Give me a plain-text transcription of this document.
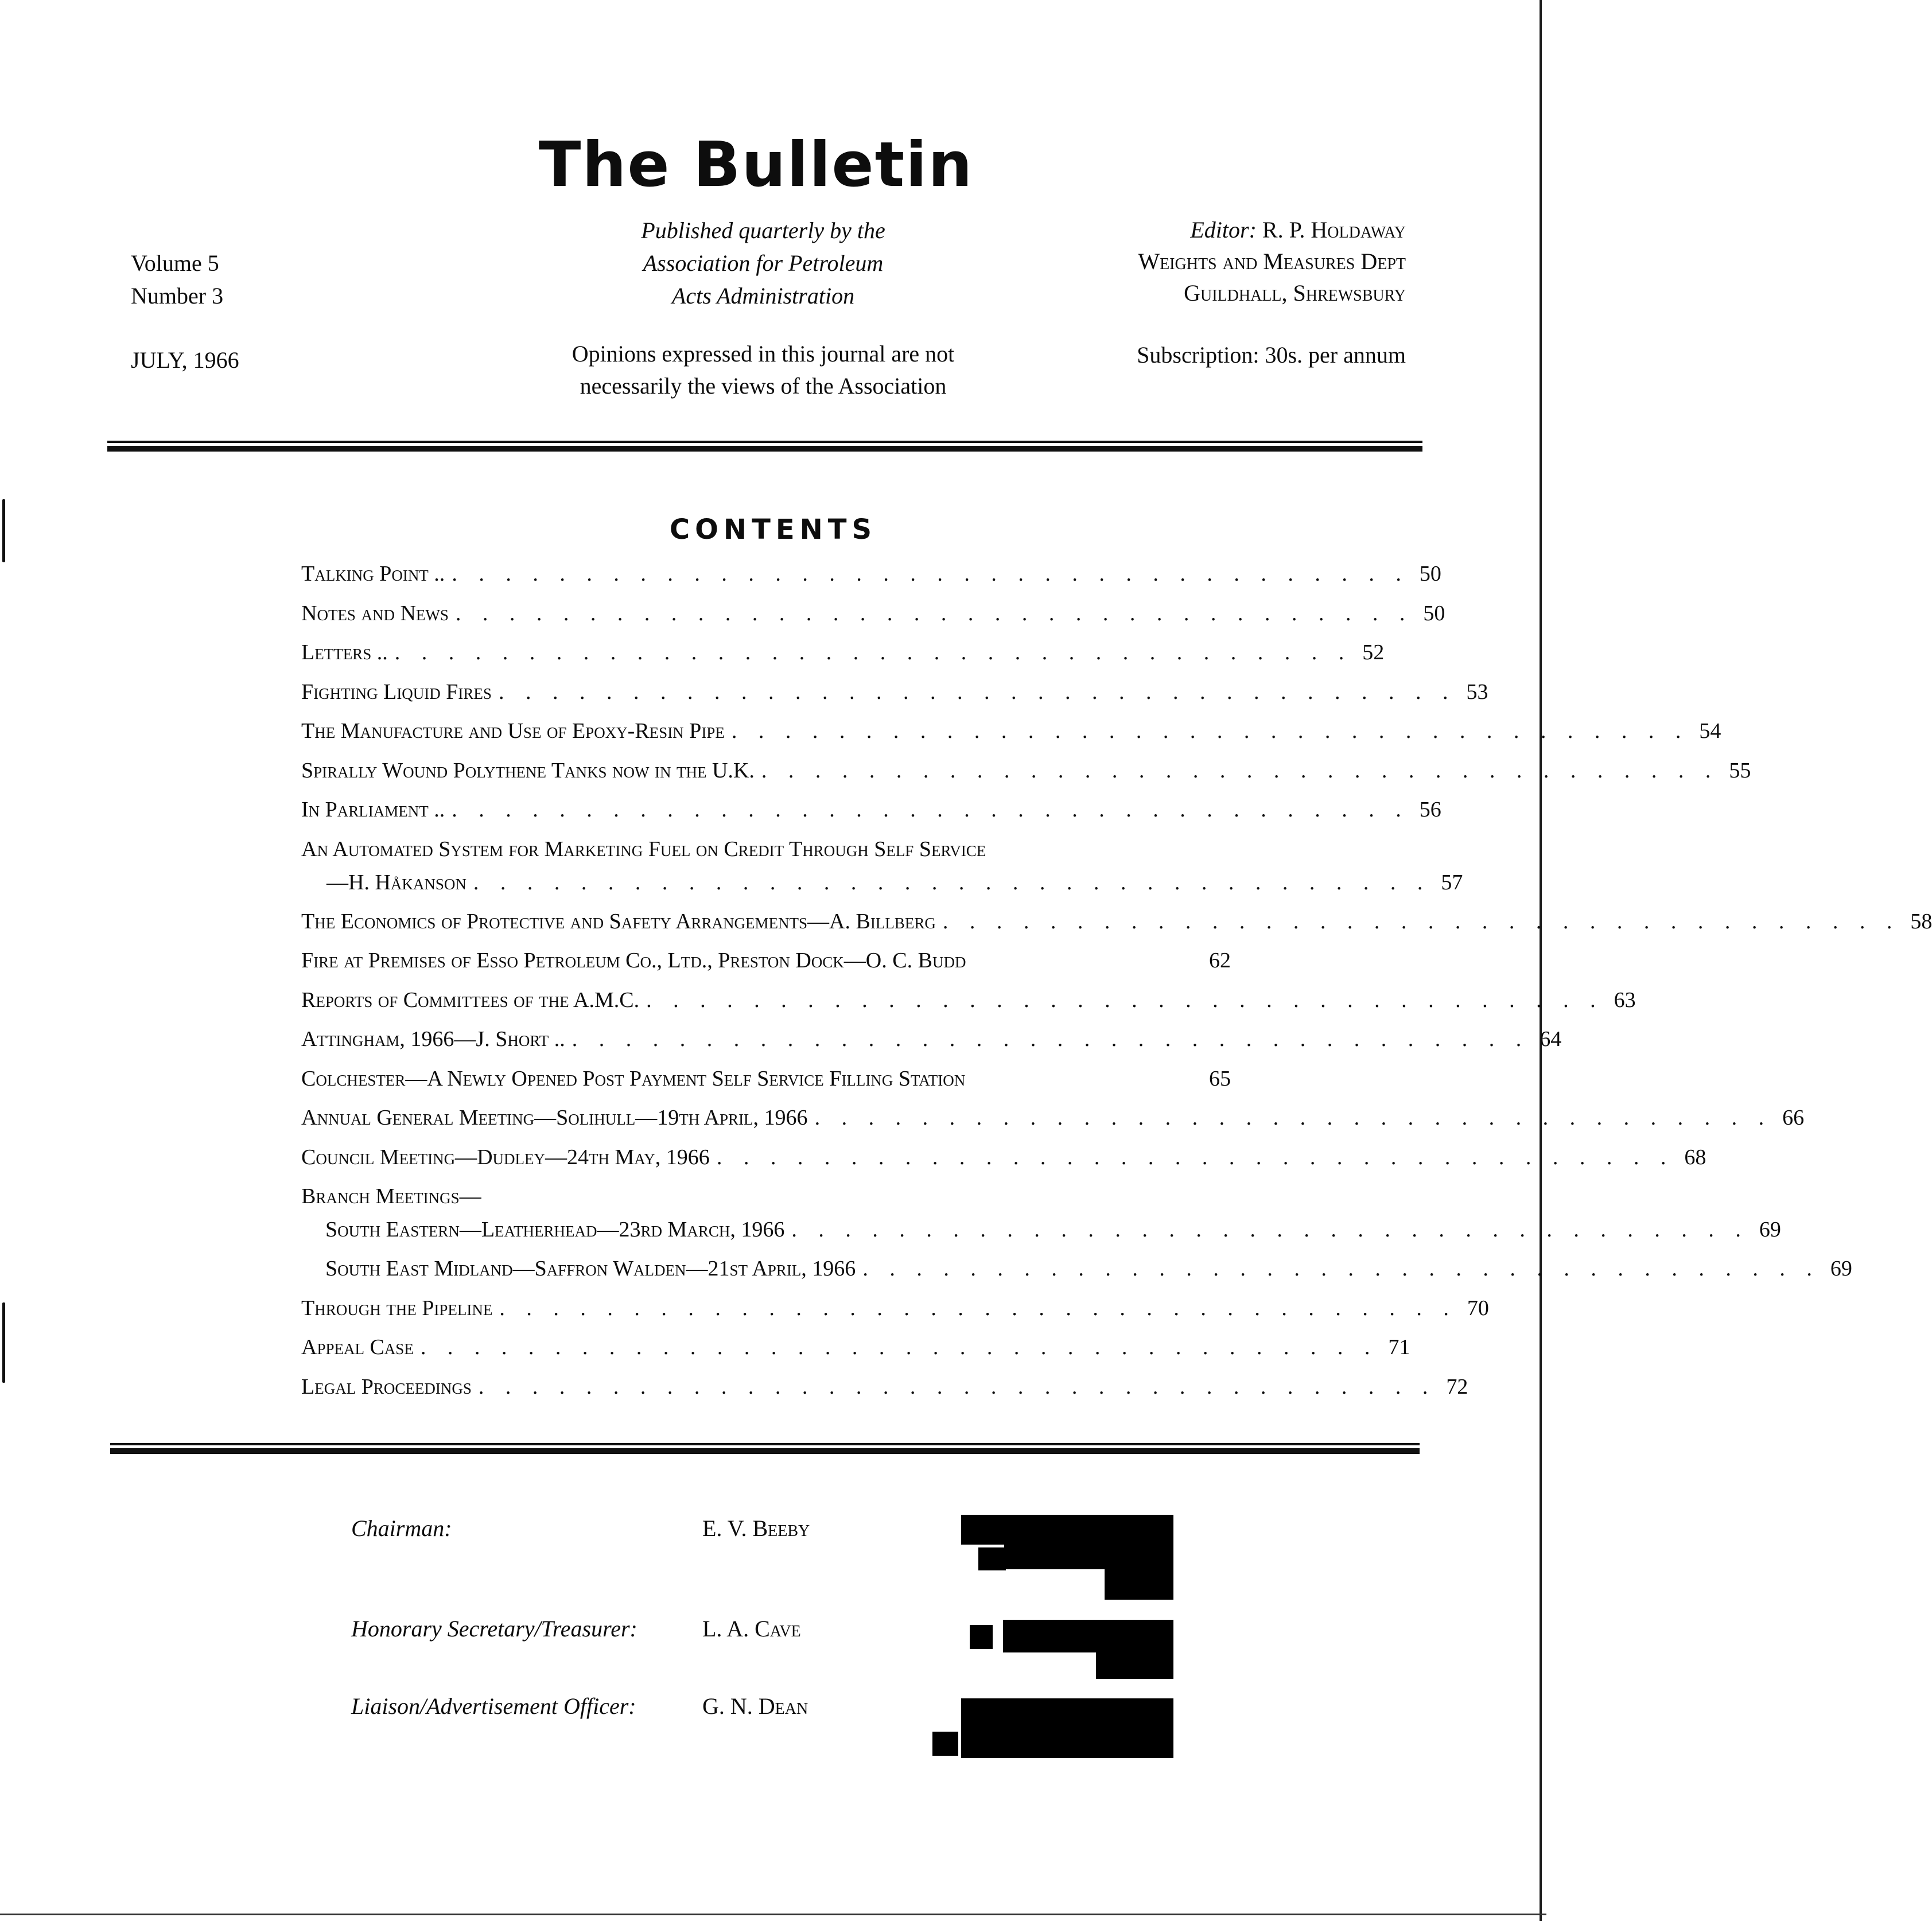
The Bulletin
Volume 5
Number 3
JULY, 1966
Published quarterly by the
Association for Petroleum
Acts Administration
Opinions expressed in this journal are not
necessarily the views of the Association
Editor: R. P. Holdaway
Weights and Measures Dept
Guildhall, Shrewsbury
Subscription: 30s. per annum
CONTENTS
Talking Point .. . . . . . . . . . . . . . . . . . . . . . . . . . . . . . . . . . . . . 50
Notes and News . . . . . . . . . . . . . . . . . . . . . . . . . . . . . . . . . . . . 50
Letters .. . . . . . . . . . . . . . . . . . . . . . . . . . . . . . . . . . . . . 52
Fighting Liquid Fires . . . . . . . . . . . . . . . . . . . . . . . . . . . . . . . . . . . . 53
The Manufacture and Use of Epoxy-Resin Pipe . . . . . . . . . . . . . . . . . . . . . . . . . . . . . . . . . . . . 54
Spirally Wound Polythene Tanks now in the U.K. . . . . . . . . . . . . . . . . . . . . . . . . . . . . . . . . . . . . 55
In Parliament .. . . . . . . . . . . . . . . . . . . . . . . . . . . . . . . . . . . . . 56
An Automated System for Marketing Fuel on Credit Through Self Service
—H. Håkanson . . . . . . . . . . . . . . . . . . . . . . . . . . . . . . . . . . . . 57
The Economics of Protective and Safety Arrangements—A. Billberg . . . . . . . . . . . . . . . . . . . . . . . . . . . . . . . . . . . . 58
Fire at Premises of Esso Petroleum Co., Ltd., Preston Dock—O. C. Budd	62
Reports of Committees of the A.M.C. . . . . . . . . . . . . . . . . . . . . . . . . . . . . . . . . . . . . 63
Attingham, 1966—J. Short .. . . . . . . . . . . . . . . . . . . . . . . . . . . . . . . . . . . . . 64
Colchester—A Newly Opened Post Payment Self Service Filling Station	65
Annual General Meeting—Solihull—19th April, 1966 . . . . . . . . . . . . . . . . . . . . . . . . . . . . . . . . . . . . 66
Council Meeting—Dudley—24th May, 1966 . . . . . . . . . . . . . . . . . . . . . . . . . . . . . . . . . . . . 68
Branch Meetings—
South Eastern—Leatherhead—23rd March, 1966 . . . . . . . . . . . . . . . . . . . . . . . . . . . . . . . . . . . . 69
South East Midland—Saffron Walden—21st April, 1966 . . . . . . . . . . . . . . . . . . . . . . . . . . . . . . . . . . . . 69
Through the Pipeline . . . . . . . . . . . . . . . . . . . . . . . . . . . . . . . . . . . . 70
Appeal Case . . . . . . . . . . . . . . . . . . . . . . . . . . . . . . . . . . . . 71
Legal Proceedings . . . . . . . . . . . . . . . . . . . . . . . . . . . . . . . . . . . . 72
Chairman:	E. V. Beeby
Honorary Secretary/Treasurer:	L. A. Cave
Liaison/Advertisement Officer:	G. N. Dean
